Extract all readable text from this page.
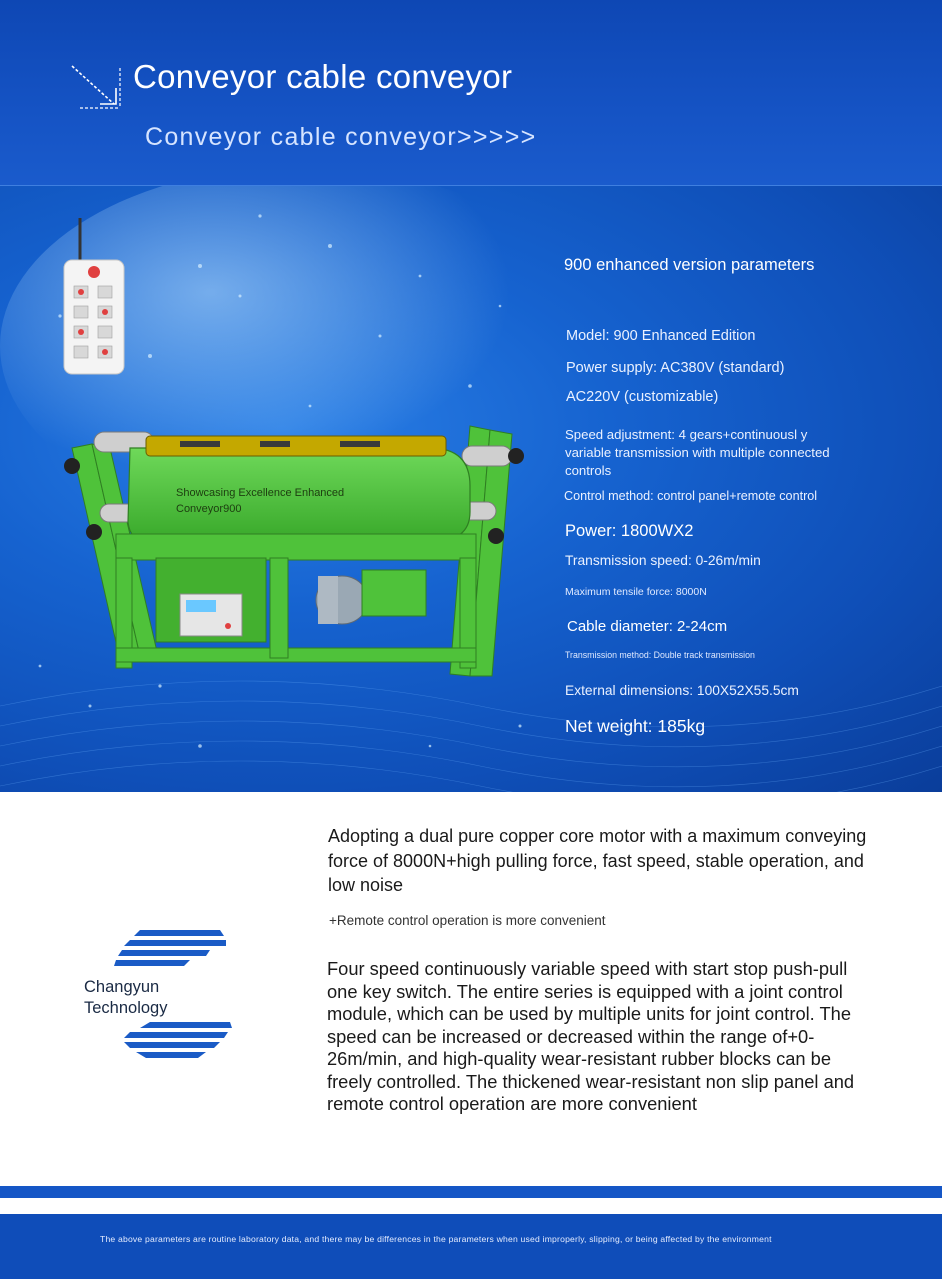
Conveyor cable conveyor
Conveyor cable conveyor>>>>>
Showcasing Excellence Enhanced
Conveyor900
900 enhanced version parameters
Model: 900 Enhanced Edition
Power supply: AC380V (standard)
AC220V (customizable)
Speed adjustment: 4 gears+continuousl y variable transmission with multiple connected controls
Control method: control panel+remote control
Power: 1800WX2
Transmission speed: 0-26m/min
Maximum tensile force: 8000N
Cable diameter: 2-24cm
Transmission method: Double track transmission
External dimensions: 100X52X55.5cm
Net weight: 185kg
Adopting a dual pure copper core motor with a maximum conveying force of 8000N+high pulling force, fast speed, stable operation, and low noise
+Remote control operation is more convenient
Four speed continuously variable speed with start stop push-pull one key switch. The entire series is equipped with a joint control module, which can be used by multiple units for joint control. The speed can be increased or decreased within the range of+0-26m/min, and high-quality wear-resistant rubber blocks can be freely controlled. The thickened wear-resistant non slip panel and remote control operation are more convenient
Changyun
Technology
The above parameters are routine laboratory data, and there may be differences in the parameters when used improperly, slipping, or being affected by the environment
